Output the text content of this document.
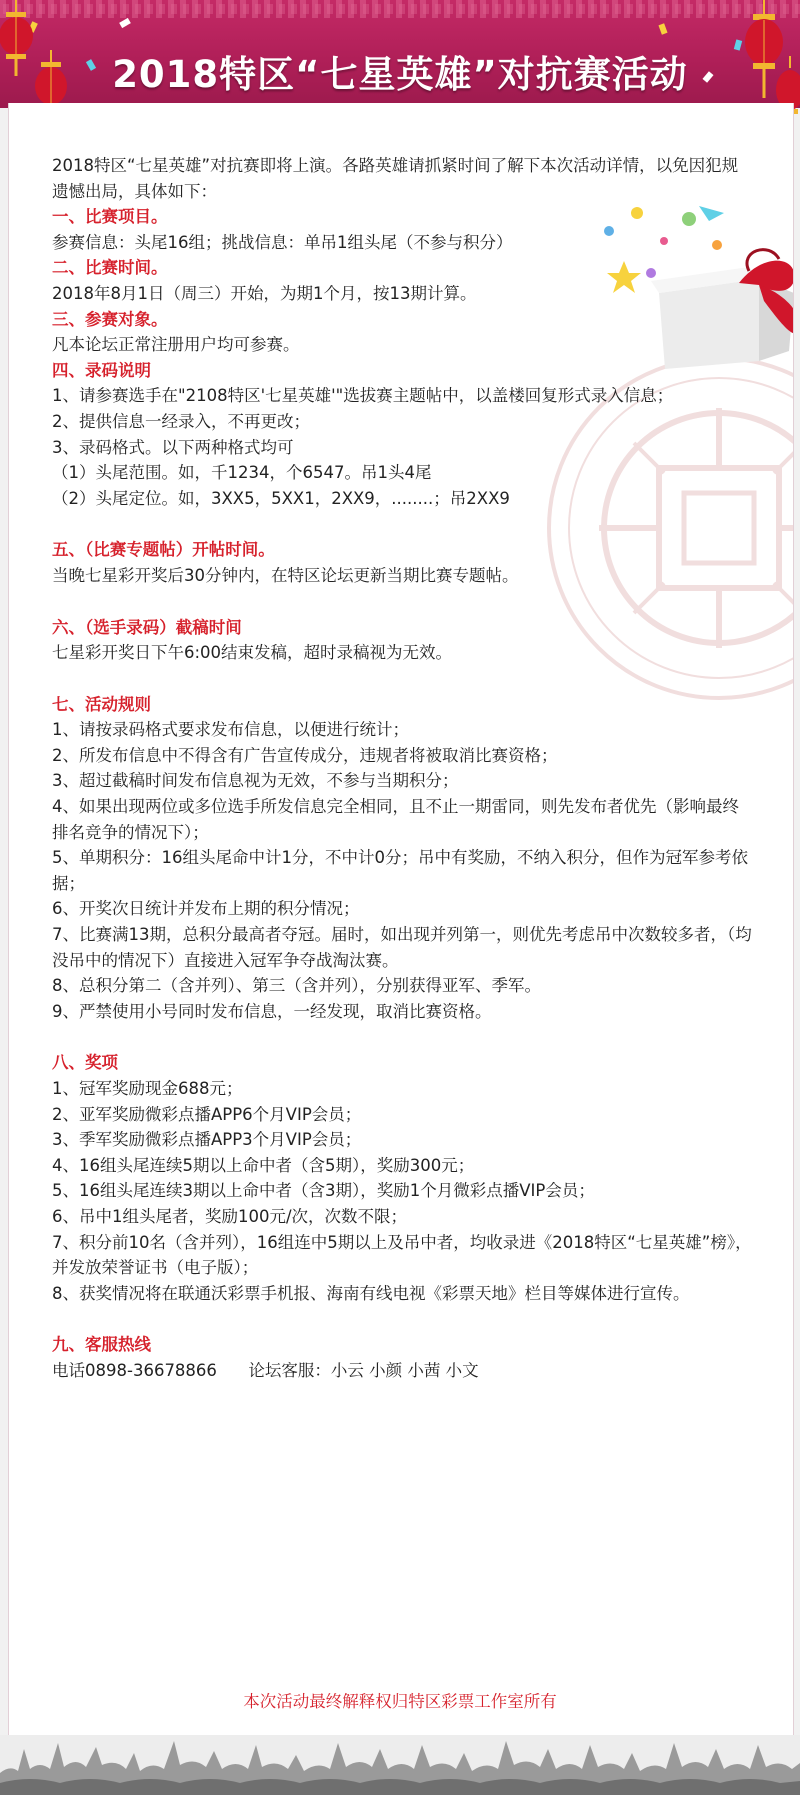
2018特区“七星英雄”对抗赛活动

2018特区“七星英雄”对抗赛即将上演。各路英雄请抓紧时间了解下本次活动详情，以免因犯规遗憾出局，具体如下：

一、比赛项目。
参赛信息：头尾16组；挑战信息：单吊1组头尾（不参与积分）
二、比赛时间。
2018年8月1日（周三）开始，为期1个月，按13期计算。
三、参赛对象。
凡本论坛正常注册用户均可参赛。
四、录码说明
1、请参赛选手在"2108特区'七星英雄'"选拔赛主题帖中，以盖楼回复形式录入信息；
2、提供信息一经录入，不再更改；
3、录码格式。以下两种格式均可
（1）头尾范围。如，千1234，个6547。吊1头4尾
（2）头尾定位。如，3XX5，5XX1，2XX9，........；吊2XX9
五、（比赛专题帖）开帖时间。
当晚七星彩开奖后30分钟内，在特区论坛更新当期比赛专题帖。
六、（选手录码）截稿时间
七星彩开奖日下午6:00结束发稿，超时录稿视为无效。
七、活动规则
1、请按录码格式要求发布信息，以便进行统计；
2、所发布信息中不得含有广告宣传成分，违规者将被取消比赛资格；
3、超过截稿时间发布信息视为无效，不参与当期积分；
4、如果出现两位或多位选手所发信息完全相同，且不止一期雷同，则先发布者优先（影响最终排名竞争的情况下）；
5、单期积分：16组头尾命中计1分，不中计0分；吊中有奖励，不纳入积分，但作为冠军参考依据；
6、开奖次日统计并发布上期的积分情况；
7、比赛满13期，总积分最高者夺冠。届时，如出现并列第一，则优先考虑吊中次数较多者，（均没吊中的情况下）直接进入冠军争夺战淘汰赛。
8、总积分第二（含并列）、第三（含并列），分别获得亚军、季军。
9、严禁使用小号同时发布信息，一经发现，取消比赛资格。
八、奖项
1、冠军奖励现金688元；
2、亚军奖励微彩点播APP6个月VIP会员；
3、季军奖励微彩点播APP3个月VIP会员；
4、16组头尾连续5期以上命中者（含5期），奖励300元；
5、16组头尾连续3期以上命中者（含3期），奖励1个月微彩点播VIP会员；
6、吊中1组头尾者，奖励100元/次，次数不限；
7、积分前10名（含并列），16组连中5期以上及吊中者，均收录进《2018特区“七星英雄”榜》，并发放荣誉证书（电子版）；
8、获奖情况将在联通沃彩票手机报、海南有线电视《彩票天地》栏目等媒体进行宣传。
九、客服热线
电话0898-36678866 论坛客服：小云 小颜 小茜 小文
本次活动最终解释权归特区彩票工作室所有
